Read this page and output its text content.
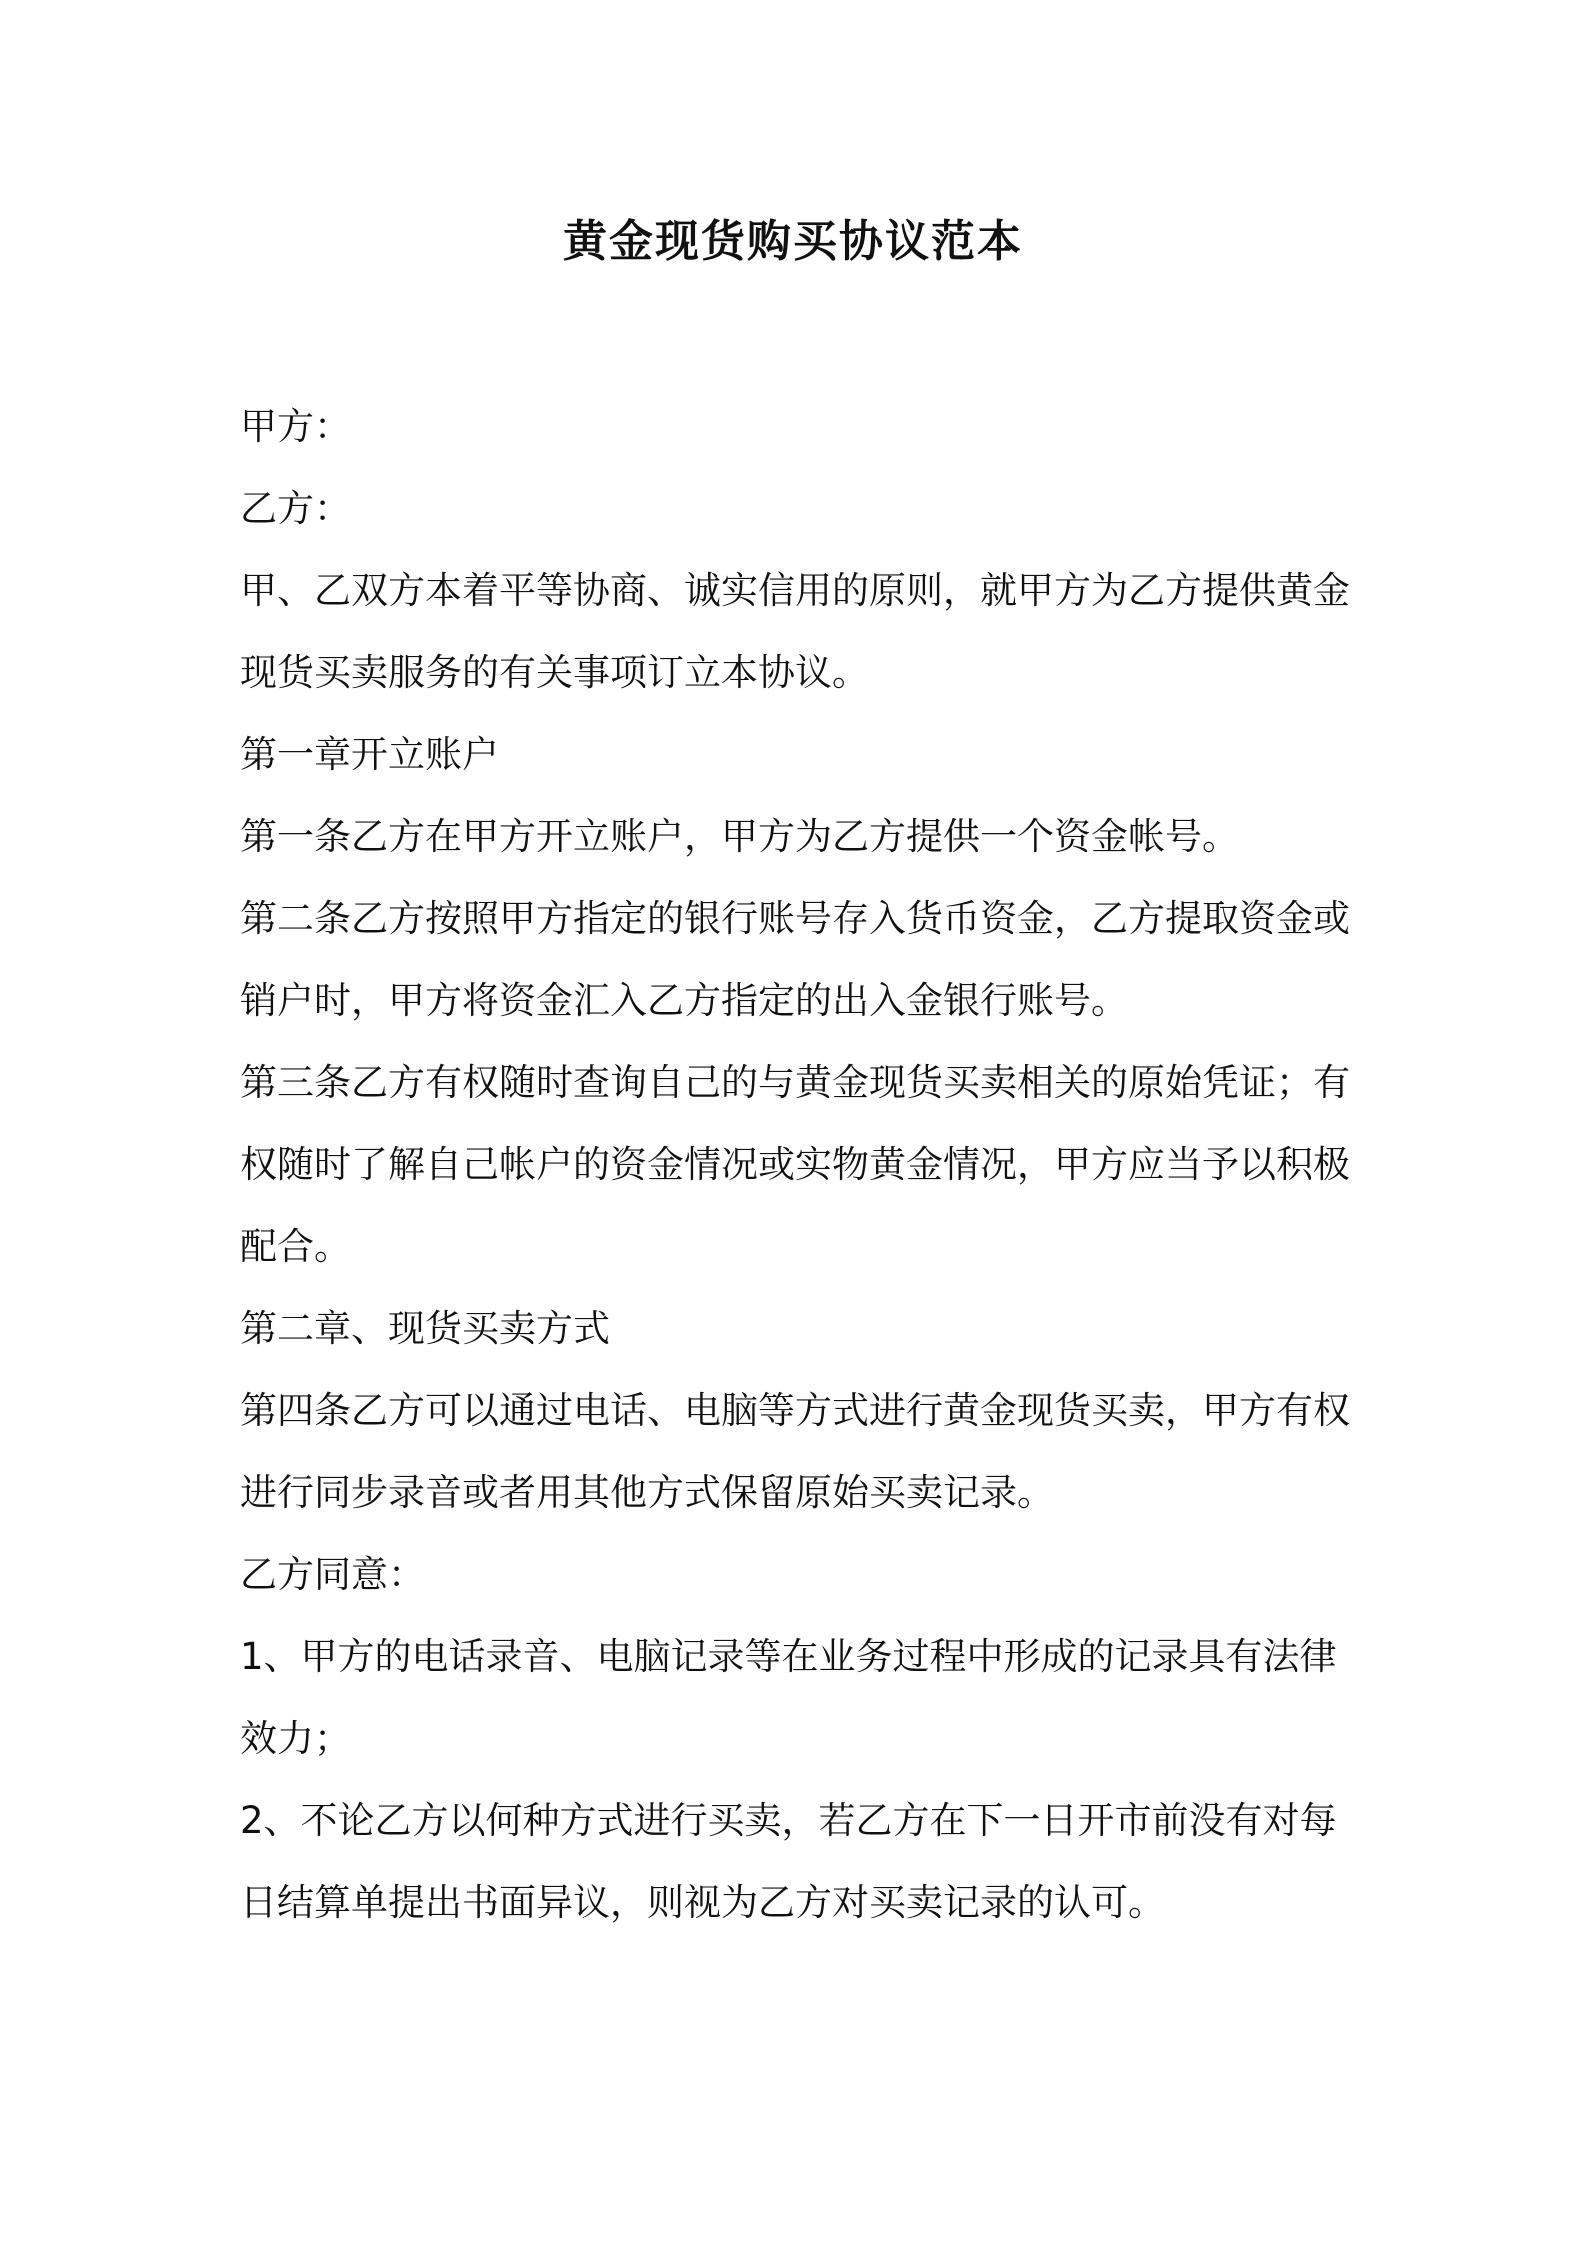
黄金现货购买协议范本
甲方：
乙方：
甲、乙双方本着平等协商、诚实信用的原则，就甲方为乙方提供黄金
现货买卖服务的有关事项订立本协议。
第一章开立账户
第一条乙方在甲方开立账户，甲方为乙方提供一个资金帐号。
第二条乙方按照甲方指定的银行账号存入货币资金，乙方提取资金或
销户时，甲方将资金汇入乙方指定的出入金银行账号。
第三条乙方有权随时查询自己的与黄金现货买卖相关的原始凭证；有
权随时了解自己帐户的资金情况或实物黄金情况，甲方应当予以积极
配合。
第二章、现货买卖方式
第四条乙方可以通过电话、电脑等方式进行黄金现货买卖，甲方有权
进行同步录音或者用其他方式保留原始买卖记录。
乙方同意：
1、甲方的电话录音、电脑记录等在业务过程中形成的记录具有法律
效力；
2、不论乙方以何种方式进行买卖，若乙方在下一日开市前没有对每
日结算单提出书面异议，则视为乙方对买卖记录的认可。
